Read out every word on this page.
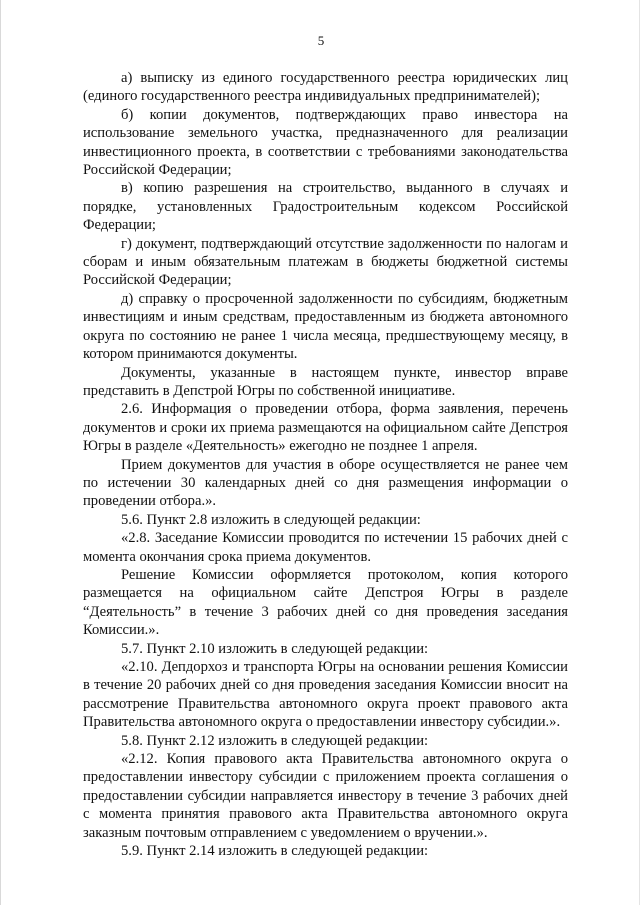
5

а) выписку из единого государственного реестра юридических лиц (единого государственного реестра индивидуальных предпринимателей);

б) копии документов, подтверждающих право инвестора на использование земельного участка, предназначенного для реализации инвестиционного проекта, в соответствии с требованиями законодательства Российской Федерации;

в) копию разрешения на строительство, выданного в случаях и порядке, установленных Градостроительным кодексом Российской Федерации;

г) документ, подтверждающий отсутствие задолженности по налогам и сборам и иным обязательным платежам в бюджеты бюджетной системы Российской Федерации;

д) справку о просроченной задолженности по субсидиям, бюджетным инвестициям и иным средствам, предоставленным из бюджета автономного округа по состоянию не ранее 1 числа месяца, предшествующему месяцу, в котором принимаются документы.

Документы, указанные в настоящем пункте, инвестор вправе представить в Депстрой Югры по собственной инициативе.

2.6. Информация о проведении отбора, форма заявления, перечень документов и сроки их приема размещаются на официальном сайте Депстроя Югры в разделе «Деятельность» ежегодно не позднее 1 апреля.

Прием документов для участия в оборе осуществляется не ранее чем по истечении 30 календарных дней со дня размещения информации о проведении отбора.».

5.6. Пункт 2.8 изложить в следующей редакции:

«2.8. Заседание Комиссии проводится по истечении 15 рабочих дней с момента окончания срока приема документов.

Решение Комиссии оформляется протоколом, копия которого размещается на официальном сайте Депстроя Югры в разделе “Деятельность” в течение 3 рабочих дней со дня проведения заседания Комиссии.».

5.7. Пункт 2.10 изложить в следующей редакции:

«2.10. Дeпдорхоз и транспорта Югры на основании решения Комиссии в течение 20 рабочих дней со дня проведения заседания Комиссии вносит на рассмотрение Правительства автономного округа проект правового акта Правительства автономного округа о предоставлении инвестору субсидии.».

5.8. Пункт 2.12 изложить в следующей редакции:

«2.12. Копия правового акта Правительства автономного округа о предоставлении инвестору субсидии с приложением проекта соглашения о предоставлении субсидии направляется инвестору в течение 3 рабочих дней с момента принятия правового акта Правительства автономного округа заказным почтовым отправлением с уведомлением о вручении.».

5.9. Пункт 2.14 изложить в следующей редакции:
